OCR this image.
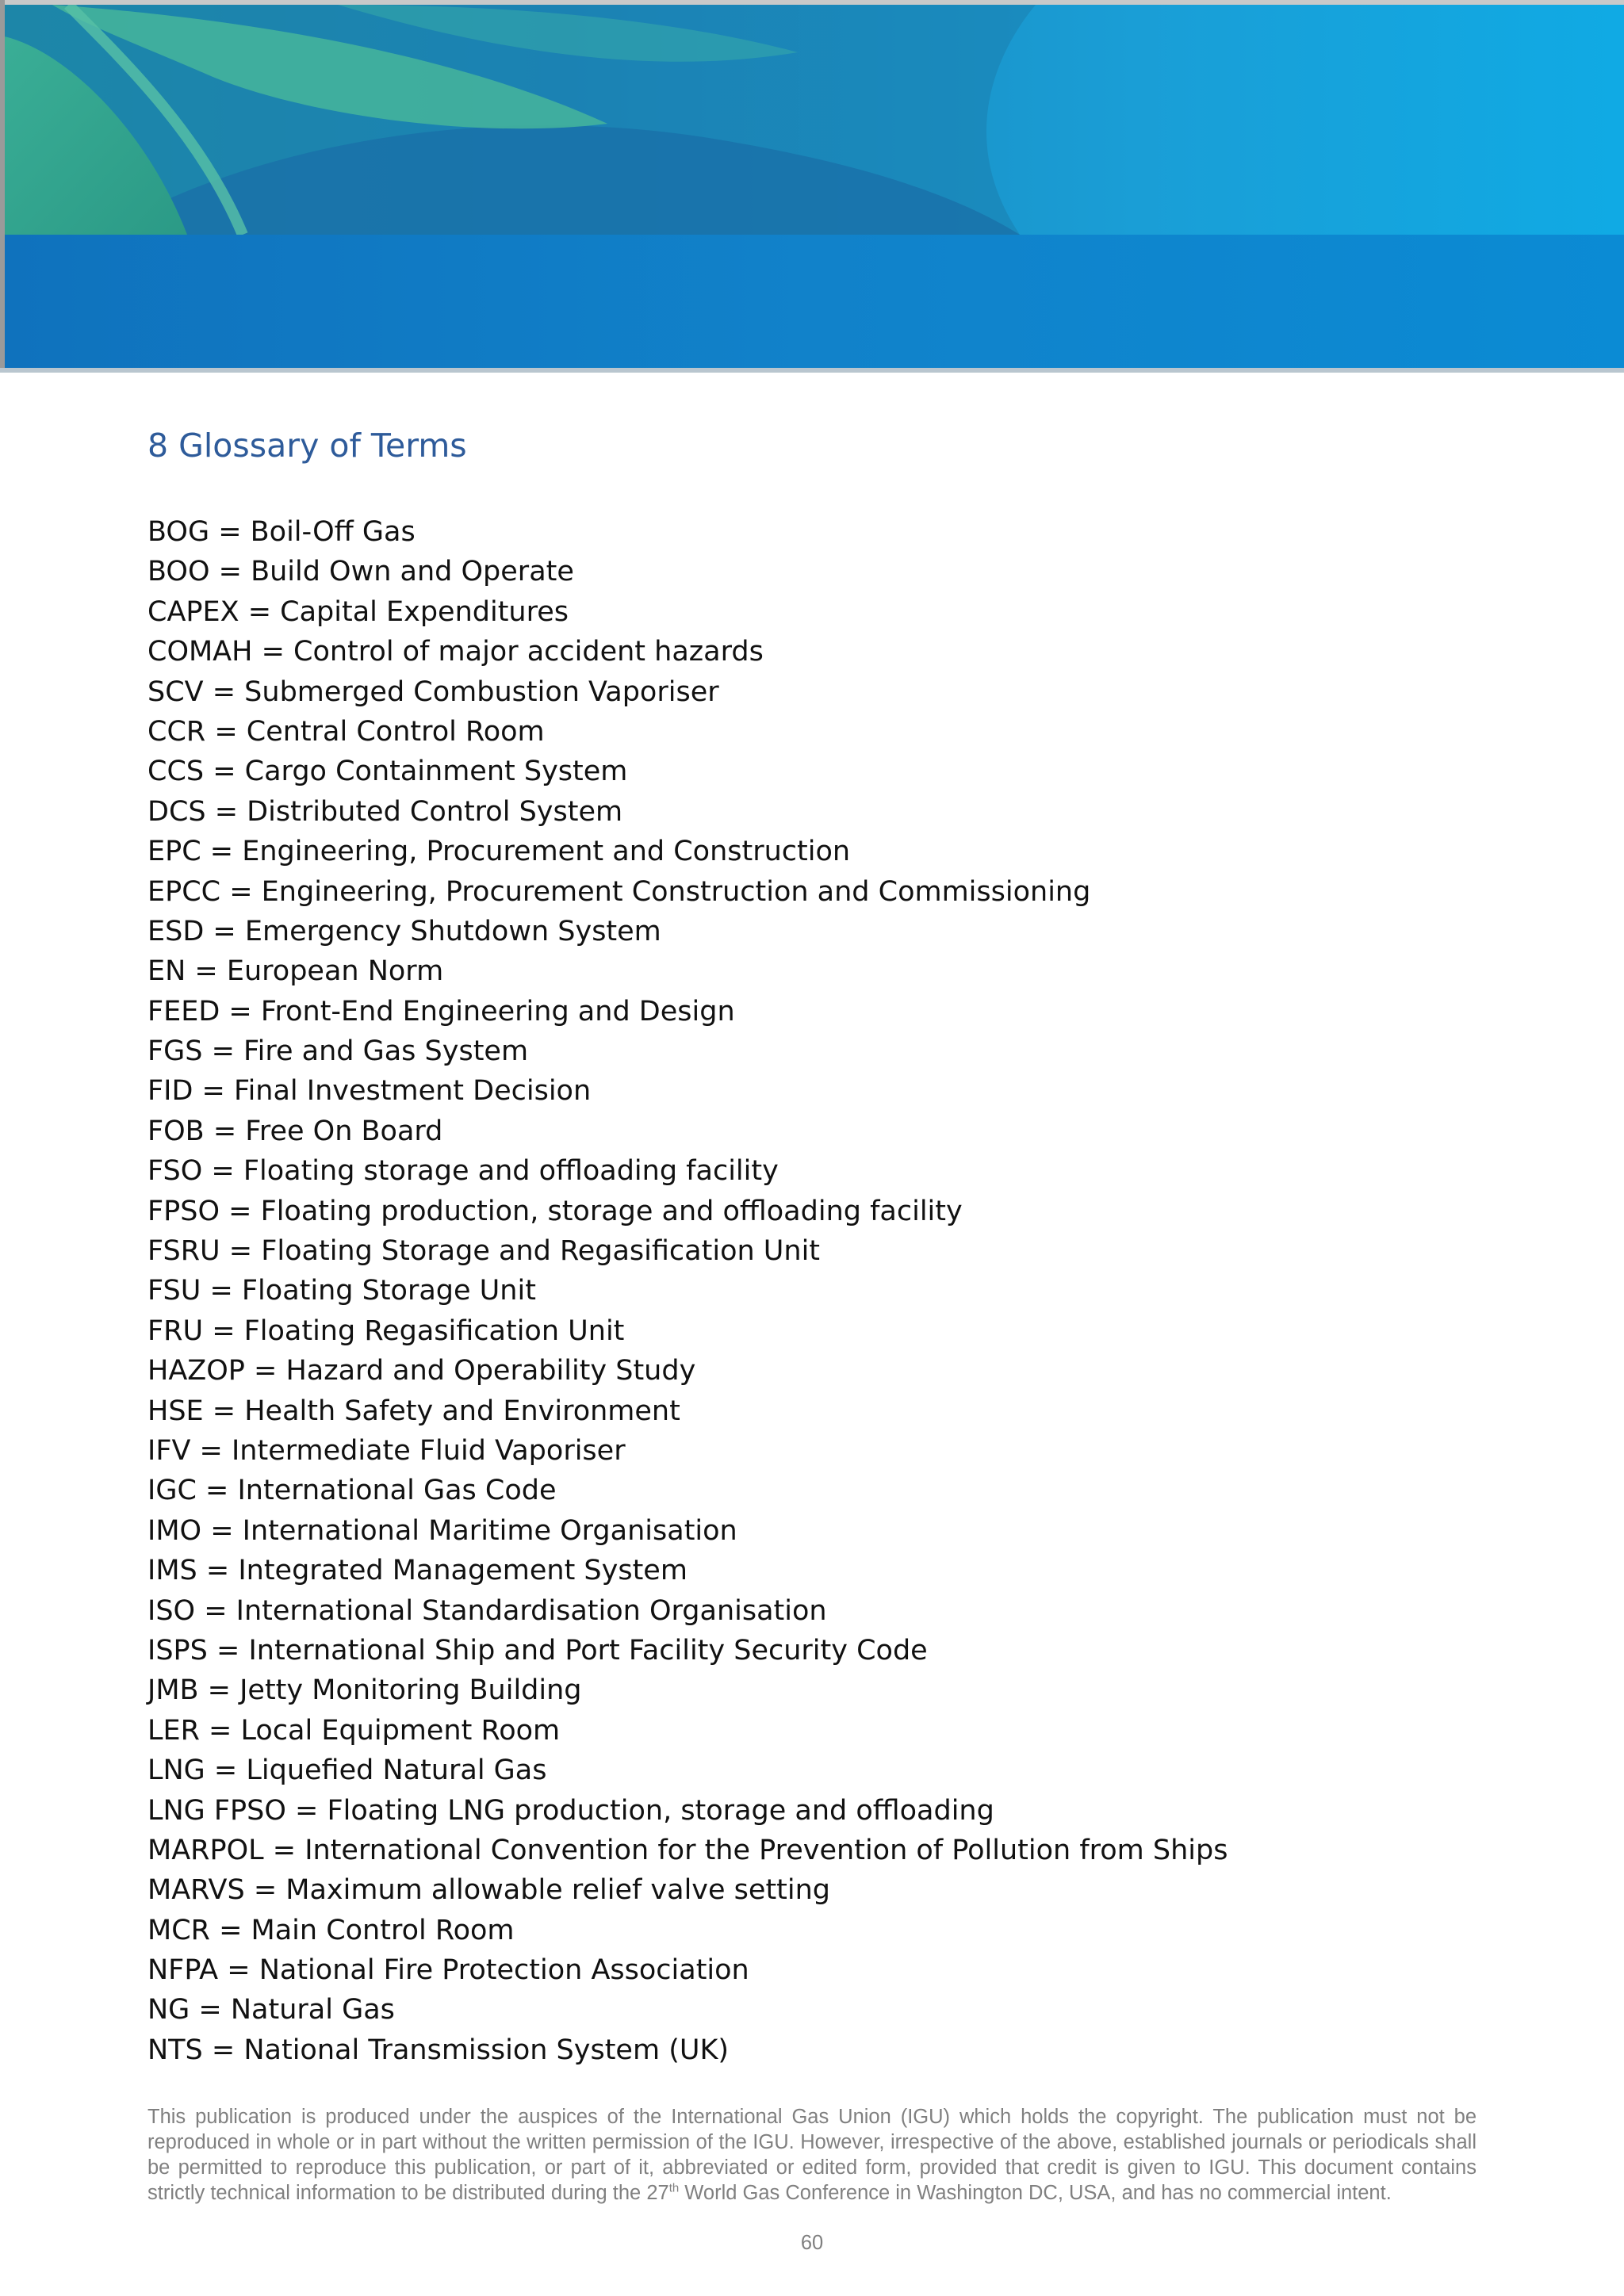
8 Glossary of Terms
BOG = Boil-Off Gas
BOO = Build Own and Operate
CAPEX = Capital Expenditures
COMAH = Control of major accident hazards
SCV = Submerged Combustion Vaporiser
CCR = Central Control Room
CCS = Cargo Containment System
DCS = Distributed Control System
EPC = Engineering, Procurement and Construction
EPCC = Engineering, Procurement Construction and Commissioning
ESD = Emergency Shutdown System
EN = European Norm
FEED = Front-End Engineering and Design
FGS = Fire and Gas System
FID = Final Investment Decision
FOB = Free On Board
FSO = Floating storage and offloading facility
FPSO = Floating production, storage and offloading facility
FSRU = Floating Storage and Regasification Unit
FSU = Floating Storage Unit
FRU = Floating Regasification Unit
HAZOP = Hazard and Operability Study
HSE = Health Safety and Environment
IFV = Intermediate Fluid Vaporiser
IGC = International Gas Code
IMO = International Maritime Organisation
IMS = Integrated Management System
ISO = International Standardisation Organisation
ISPS = International Ship and Port Facility Security Code
JMB = Jetty Monitoring Building
LER = Local Equipment Room
LNG = Liquefied Natural Gas
LNG FPSO = Floating LNG production, storage and offloading
MARPOL = International Convention for the Prevention of Pollution from Ships
MARVS = Maximum allowable relief valve setting
MCR = Main Control Room
NFPA = National Fire Protection Association
NG = Natural Gas
NTS = National Transmission System (UK)
This publication is produced under the auspices of the International Gas Union (IGU) which holds the copyright. The publication must not be reproduced in whole or in part without the written permission of the IGU. However, irrespective of the above, established journals or periodicals shall be permitted to reproduce this publication, or part of it, abbreviated or edited form, provided that credit is given to IGU. This document contains strictly technical information to be distributed during the 27th World Gas Conference in Washington DC, USA, and has no commercial intent.
60
